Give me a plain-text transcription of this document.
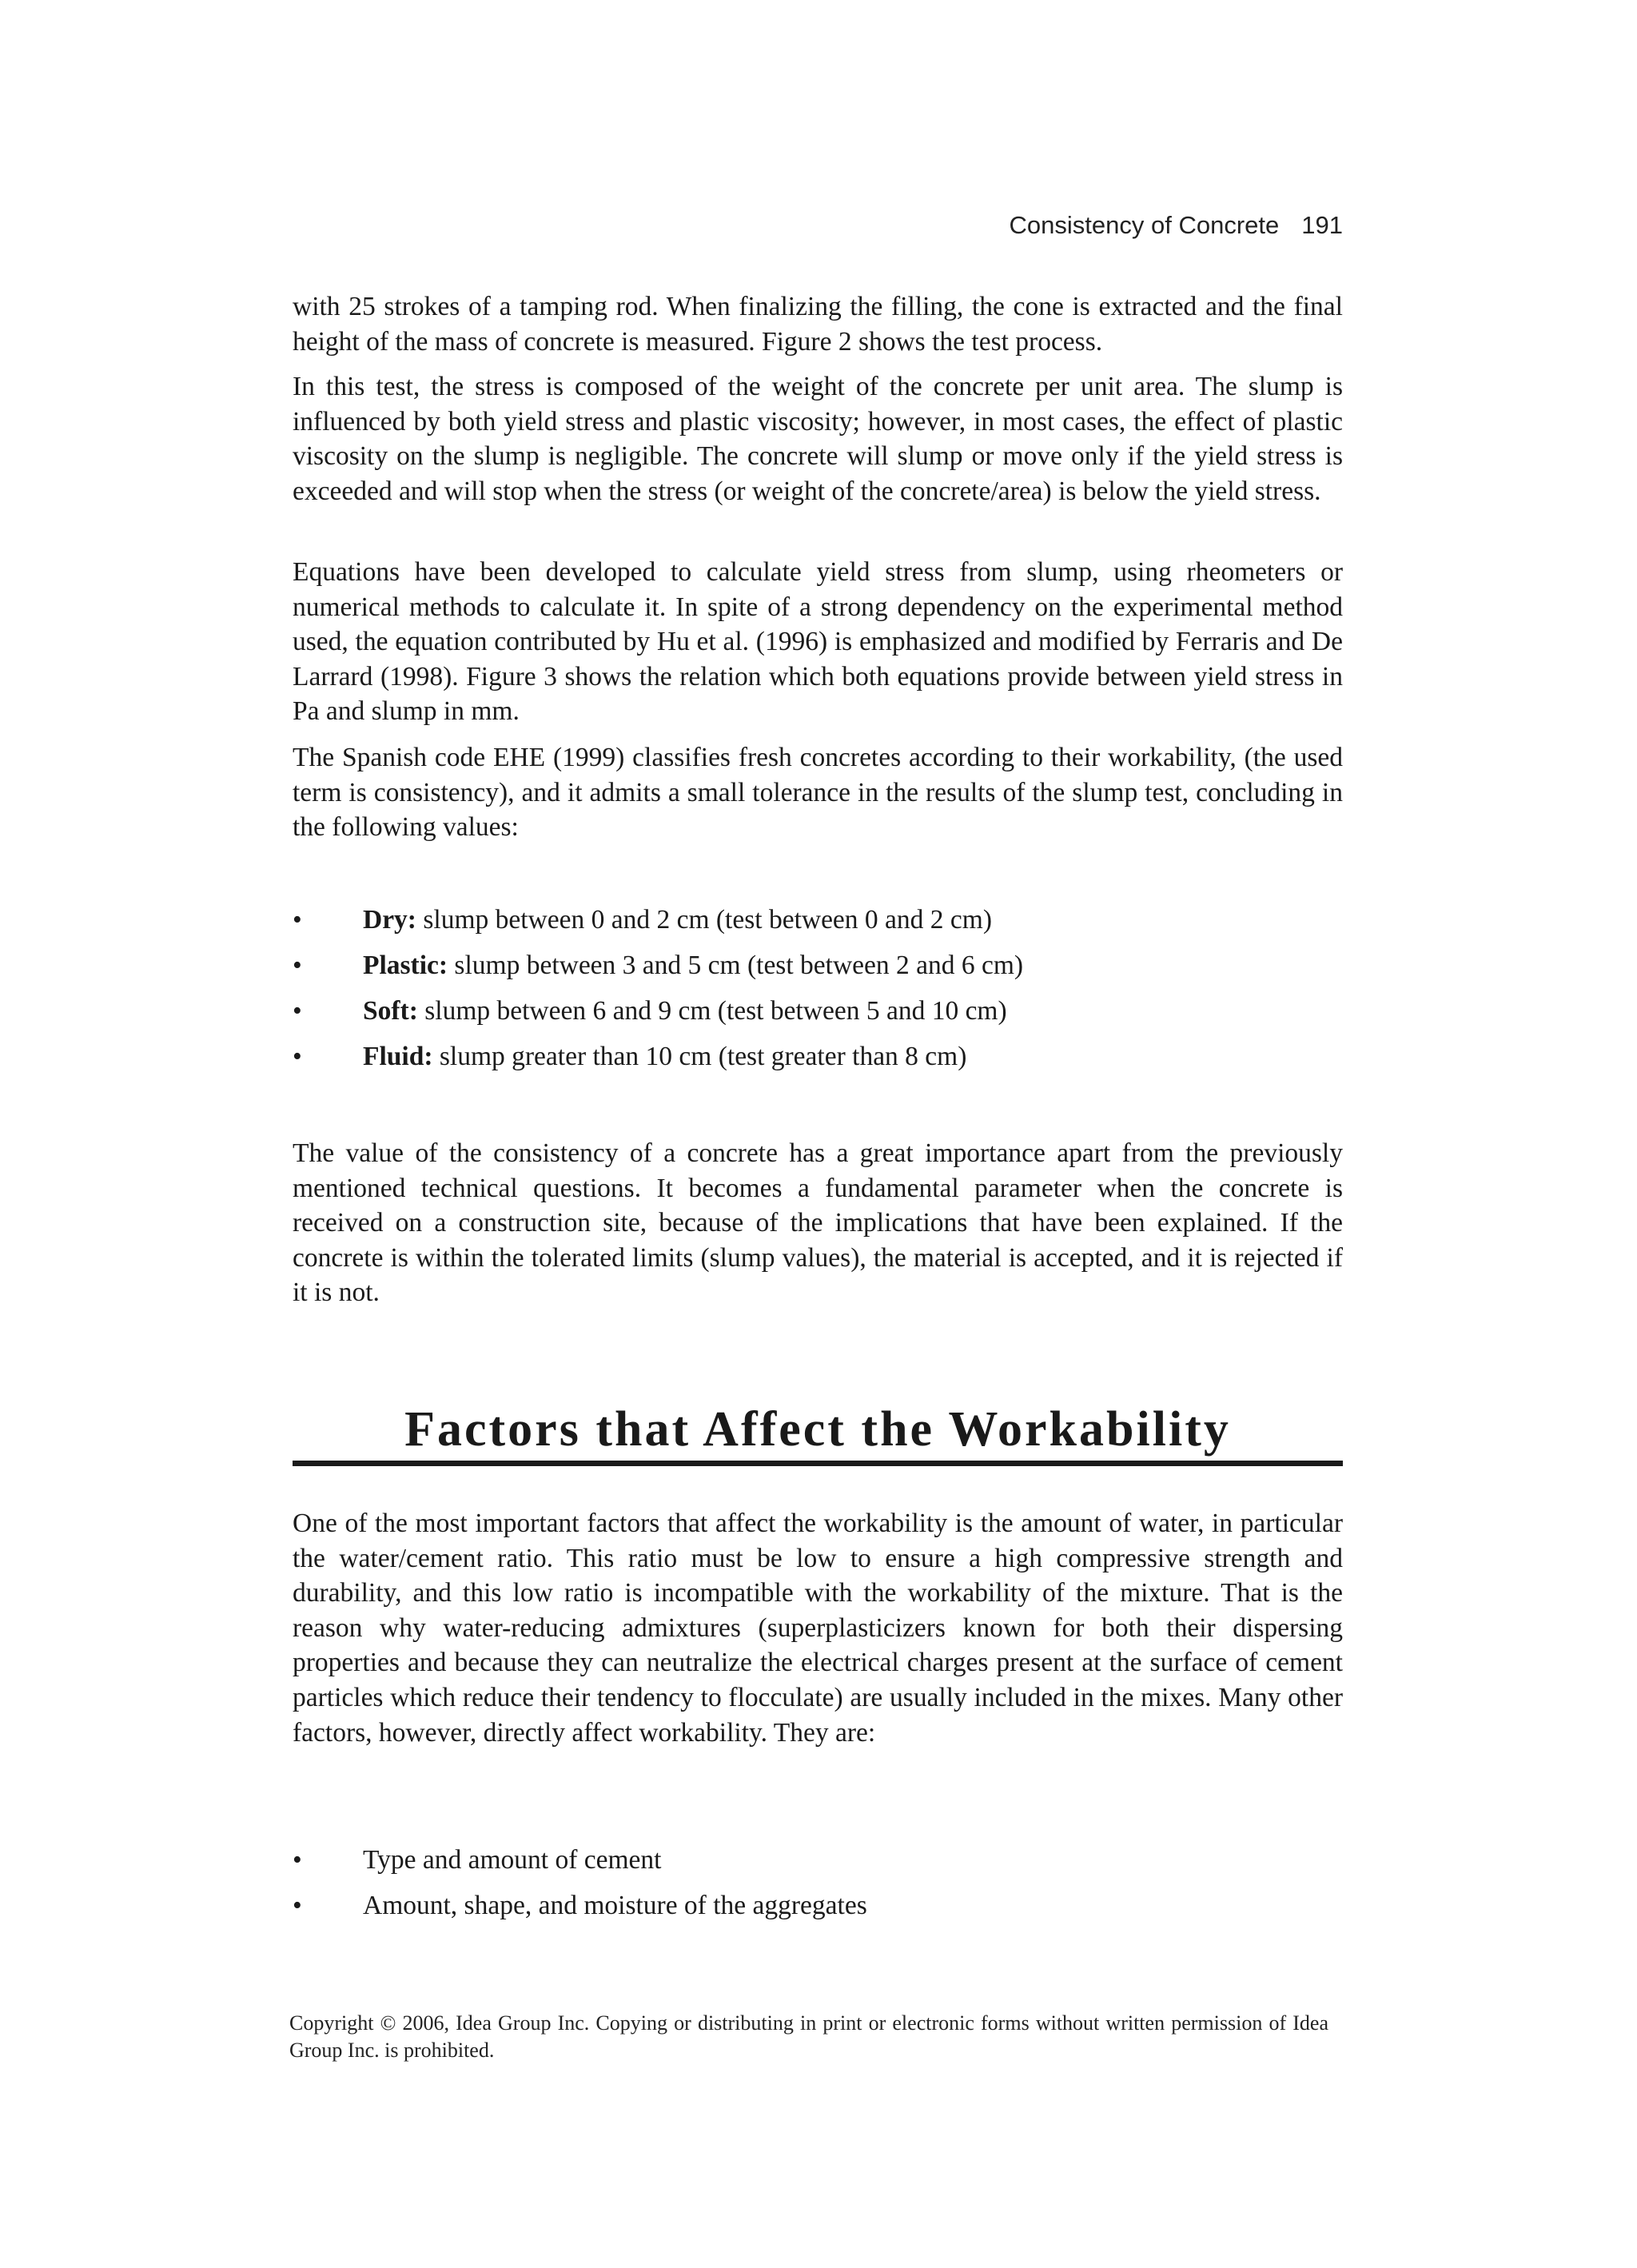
Consistency of Concrete 191

with 25 strokes of a tamping rod. When finalizing the filling, the cone is extracted and the final height of the mass of concrete is measured. Figure 2 shows the test process.

In this test, the stress is composed of the weight of the concrete per unit area. The slump is influenced by both yield stress and plastic viscosity; however, in most cases, the effect of plastic viscosity on the slump is negligible. The concrete will slump or move only if the yield stress is exceeded and will stop when the stress (or weight of the concrete/area) is below the yield stress.

Equations have been developed to calculate yield stress from slump, using rheometers or numerical methods to calculate it. In spite of a strong dependency on the experimental method used, the equation contributed by Hu et al. (1996) is emphasized and modified by Ferraris and De Larrard (1998). Figure 3 shows the relation which both equations provide between yield stress in Pa and slump in mm.

The Spanish code EHE (1999) classifies fresh concretes according to their workability, (the used term is consistency), and it admits a small tolerance in the results of the slump test, concluding in the following values:

• Dry: slump between 0 and 2 cm (test between 0 and 2 cm)
• Plastic: slump between 3 and 5 cm (test between 2 and 6 cm)
• Soft: slump between 6 and 9 cm (test between 5 and 10 cm)
• Fluid: slump greater than 10 cm (test greater than 8 cm)

The value of the consistency of a concrete has a great importance apart from the previously mentioned technical questions. It becomes a fundamental parameter when the concrete is received on a construction site, because of the implications that have been explained. If the concrete is within the tolerated limits (slump values), the material is accepted, and it is rejected if it is not.

Factors that Affect the Workability

One of the most important factors that affect the workability is the amount of water, in particular the water/cement ratio. This ratio must be low to ensure a high compressive strength and durability, and this low ratio is incompatible with the workability of the mixture. That is the reason why water-reducing admixtures (superplasticizers known for both their dispersing properties and because they can neutralize the electrical charges present at the surface of cement particles which reduce their tendency to flocculate) are usually included in the mixes. Many other factors, however, directly affect workability. They are:

• Type and amount of cement
• Amount, shape, and moisture of the aggregates

Copyright © 2006, Idea Group Inc. Copying or distributing in print or electronic forms without written permission of Idea Group Inc. is prohibited.
